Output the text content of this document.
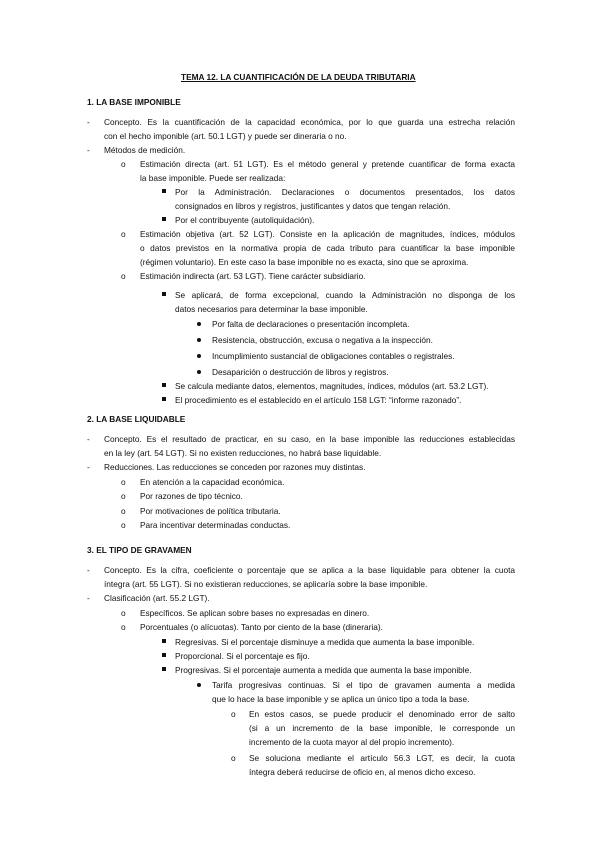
TEMA 12. LA CUANTIFICACIÓN DE LA DEUDA TRIBUTARIA
1. LA BASE IMPONIBLE
- Concepto. Es la cuantificación de la capacidad económica, por lo que guarda una estrecha relación
con el hecho imponible (art. 50.1 LGT) y puede ser dineraria o no.
- Métodos de medición.
o Estimación directa (art. 51 LGT). Es el método general y pretende cuantificar de forma exacta
la base imponible. Puede ser realizada:
Por la Administración. Declaraciones o documentos presentados, los datos
consignados en libros y registros, justificantes y datos que tengan relación.
Por el contribuyente (autoliquidación).
o Estimación objetiva (art. 52 LGT). Consiste en la aplicación de magnitudes, índices, módulos
o datos previstos en la normativa propia de cada tributo para cuantificar la base imponible
(régimen voluntario). En este caso la base imponible no es exacta, sino que se aproxima.
o Estimación indirecta (art. 53 LGT). Tiene carácter subsidiario.
Se aplicará, de forma excepcional, cuando la Administración no disponga de los
datos necesarios para determinar la base imponible.
Por falta de declaraciones o presentación incompleta.
Resistencia, obstrucción, excusa o negativa a la inspección.
Incumplimiento sustancial de obligaciones contables o registrales.
Desaparición o destrucción de libros y registros.
Se calcula mediante datos, elementos, magnitudes, índices, módulos (art. 53.2 LGT).
El procedimiento es el establecido en el artículo 158 LGT: “informe razonado”.
2. LA BASE LIQUIDABLE
- Concepto. Es el resultado de practicar, en su caso, en la base imponible las reducciones establecidas
en la ley (art. 54 LGT). Si no existen reducciones, no habrá base liquidable.
- Reducciones. Las reducciones se conceden por razones muy distintas.
o En atención a la capacidad económica.
o Por razones de tipo técnico.
o Por motivaciones de política tributaria.
o Para incentivar determinadas conductas.
3. EL TIPO DE GRAVAMEN
- Concepto. Es la cifra, coeficiente o porcentaje que se aplica a la base liquidable para obtener la cuota
íntegra (art. 55 LGT). Si no existieran reducciones, se aplicaría sobre la base imponible.
- Clasificación (art. 55.2 LGT).
o Específicos. Se aplican sobre bases no expresadas en dinero.
o Porcentuales (o alícuotas). Tanto por ciento de la base (dineraria).
Regresivas. Si el porcentaje disminuye a medida que aumenta la base imponible.
Proporcional. Si el porcentaje es fijo.
Progresivas. Si el porcentaje aumenta a medida que aumenta la base imponible.
Tarifa progresivas continuas. Si el tipo de gravamen aumenta a medida
que lo hace la base imponible y se aplica un único tipo a toda la base.
o En estos casos, se puede producir el denominado error de salto
(si a un incremento de la base imponible, le corresponde un
incremento de la cuota mayor al del propio incremento).
o Se soluciona mediante el artículo 56.3 LGT, es decir, la cuota
íntegra deberá reducirse de oficio en, al menos dicho exceso.
